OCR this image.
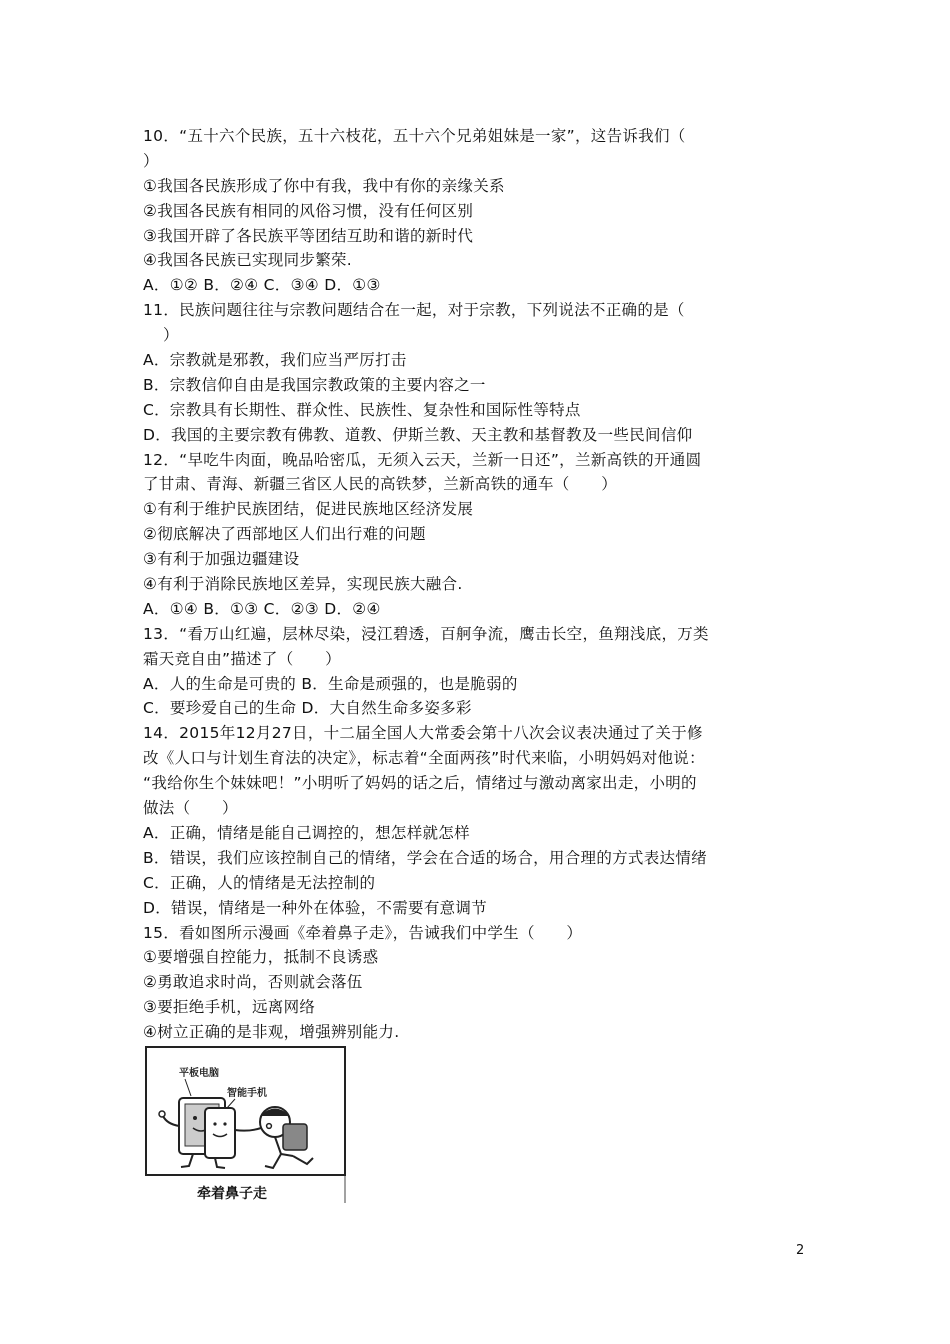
10．“五十六个民族，五十六枝花，五十六个兄弟姐妹是一家”，这告诉我们（
）
①我国各民族形成了你中有我，我中有你的亲缘关系
②我国各民族有相同的风俗习惯，没有任何区别
③我国开辟了各民族平等团结互助和谐的新时代
④我国各民族已实现同步繁荣.
A．①② B．②④ C．③④ D．①③
11．民族问题往往与宗教问题结合在一起，对于宗教，下列说法不正确的是（
）
A．宗教就是邪教，我们应当严厉打击
B．宗教信仰自由是我国宗教政策的主要内容之一
C．宗教具有长期性、群众性、民族性、复杂性和国际性等特点
D．我国的主要宗教有佛教、道教、伊斯兰教、天主教和基督教及一些民间信仰
12．“早吃牛肉面，晚品哈密瓜，无须入云天，兰新一日还”，兰新高铁的开通圆
了甘肃、青海、新疆三省区人民的高铁梦，兰新高铁的通车（　　）
①有利于维护民族团结，促进民族地区经济发展
②彻底解决了西部地区人们出行难的问题
③有利于加强边疆建设
④有利于消除民族地区差异，实现民族大融合.
A．①④ B．①③ C．②③ D．②④
13．“看万山红遍，层林尽染，浸江碧透，百舸争流，鹰击长空，鱼翔浅底，万类
霜天竞自由”描述了（　　）
A．人的生命是可贵的 B．生命是顽强的，也是脆弱的
C．要珍爱自己的生命 D．大自然生命多姿多彩
14．2015年12月27日，十二届全国人大常委会第十八次会议表决通过了关于修
改《人口与计划生育法的决定》，标志着“全面两孩”时代来临，小明妈妈对他说：
“我给你生个妹妹吧！”小明听了妈妈的话之后，情绪过与激动离家出走，小明的
做法（　　）
A．正确，情绪是能自己调控的，想怎样就怎样
B．错误，我们应该控制自己的情绪，学会在合适的场合，用合理的方式表达情绪
C．正确，人的情绪是无法控制的
D．错误，情绪是一种外在体验，不需要有意调节
15．看如图所示漫画《牵着鼻子走》，告诫我们中学生（　　）
①要增强自控能力，抵制不良诱惑
②勇敢追求时尚，否则就会落伍
③要拒绝手机，远离网络
④树立正确的是非观，增强辨别能力.
平板电脑
智能手机
牵着鼻子走
2
